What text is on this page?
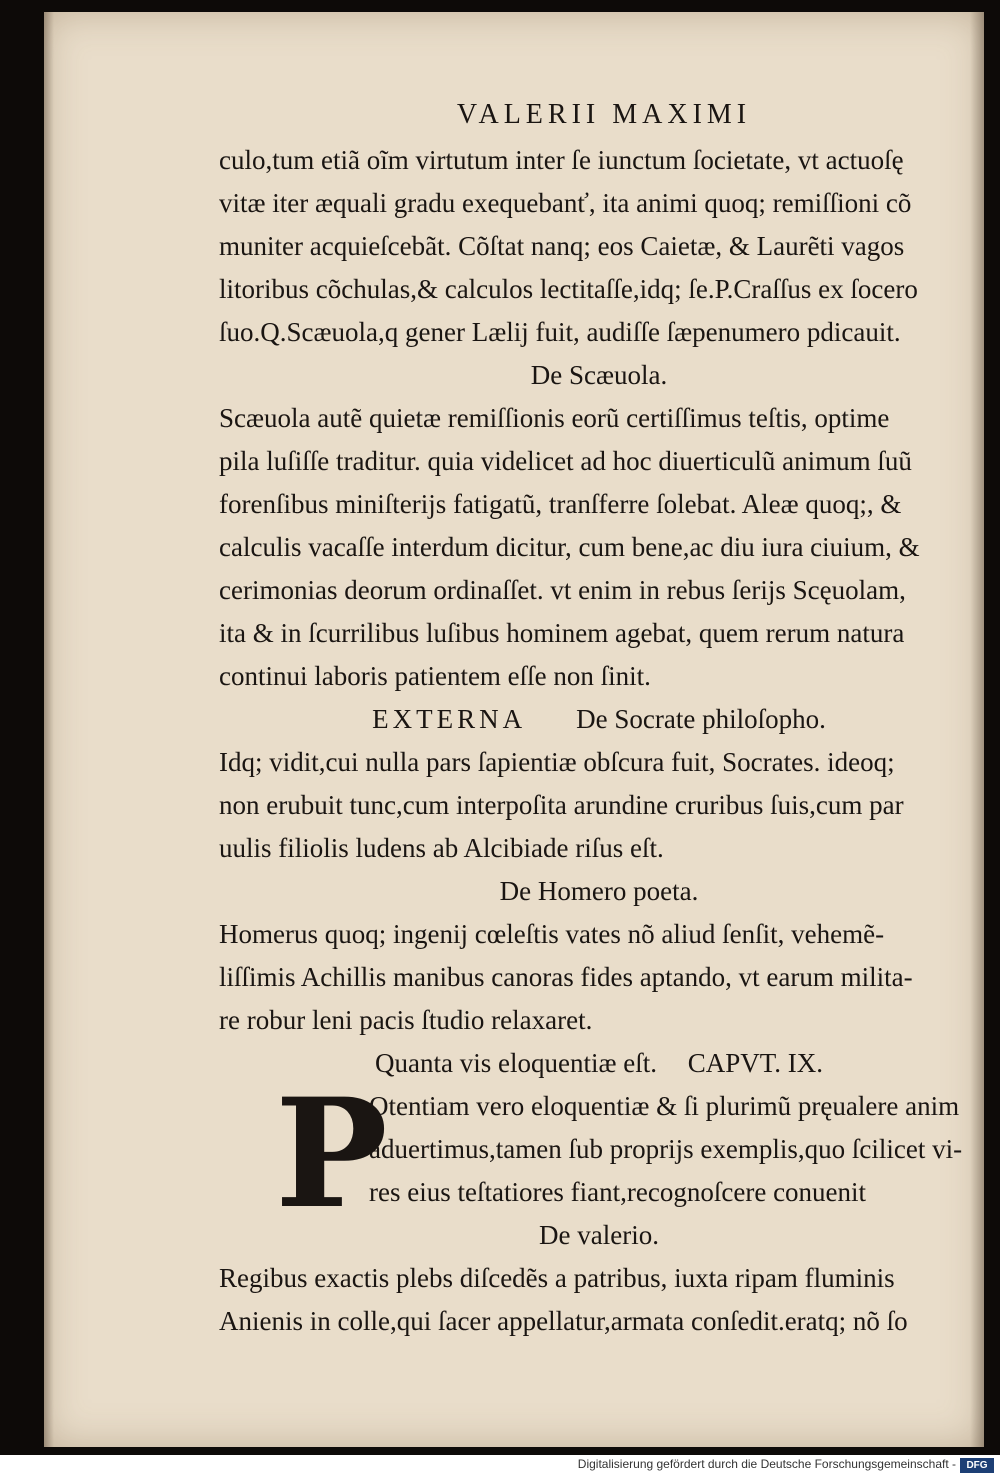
VALERII MAXIMI
culo,tum etiã oĩm virtutum inter ſe iunctum ſocietate, vt actuoſę
vitæ iter æquali gradu exequebanť, ita animi quoq; remiſſioni cõ
muniter acquieſcebãt. Cõſtat nanq; eos Caietæ, & Laurẽti vagos
litoribus cõchulas,& calculos lectitaſſe,idq; ſe.P.Craſſus ex ſocero
ſuo.Q.Scæuola,q gener Lælij fuit, audiſſe ſæpenumero pdicauit.
De Scæuola.
Scæuola autẽ quietæ remiſſionis eorũ certiſſimus teſtis, optime
pila luſiſſe traditur. quia videlicet ad hoc diuerticulũ animum ſuũ
forenſibus miniſterijs fatigatũ, tranſferre ſolebat. Aleæ quoq;, &
calculis vacaſſe interdum dicitur, cum bene,ac diu iura ciuium, &
cerimonias deorum ordinaſſet. vt enim in rebus ſerijs Scęuolam,
ita & in ſcurrilibus luſibus hominem agebat, quem rerum natura
continui laboris patientem eſſe non ſinit.
EXTERNA De Socrate philoſopho.
Idq; vidit,cui nulla pars ſapientiæ obſcura fuit, Socrates. ideoq;
non erubuit tunc,cum interpoſita arundine cruribus ſuis,cum par
uulis filiolis ludens ab Alcibiade riſus eſt.
De Homero poeta.
Homerus quoq; ingenij cœleſtis vates nõ aliud ſenſit, vehemẽ-
liſſimis Achillis manibus canoras fides aptando, vt earum milita-
re robur leni pacis ſtudio relaxaret.
Quanta vis eloquentiæ eſt. CAPVT. IX.
P
Otentiam vero eloquentiæ & ſi plurimũ pręualere anim
aduertimus,tamen ſub proprijs exemplis,quo ſcilicet vi-
res eius teſtatiores fiant,recognoſcere conuenit
De valerio.
Regibus exactis plebs diſcedẽs a patribus, iuxta ripam fluminis
Anienis in colle,qui ſacer appellatur,armata conſedit.eratq; nõ ſo
Digitalisierung gefördert durch die Deutsche Forschungsgemeinschaft -	DFG
